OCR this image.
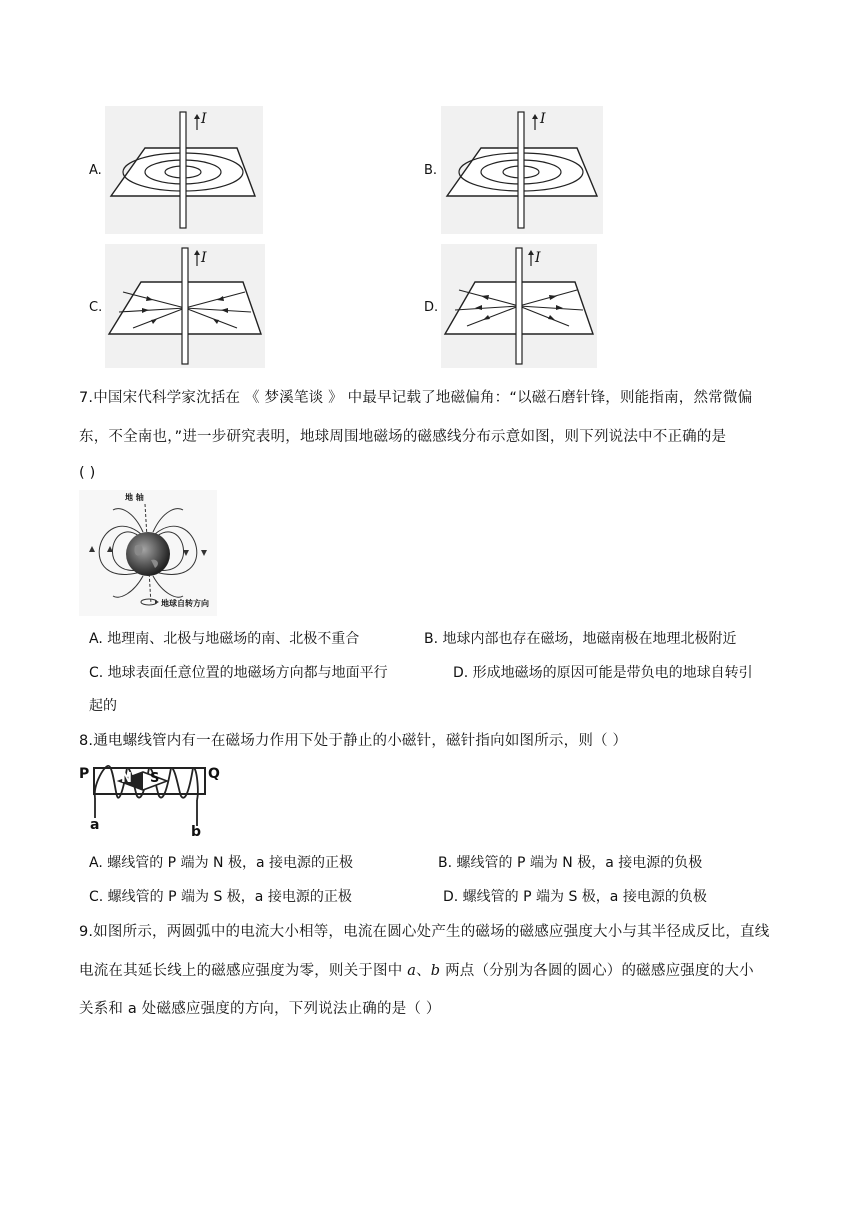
A.
I
B.
I
C.
I
D.
I
7.中国宋代科学家沈括在 《 梦溪笔谈 》 中最早记载了地磁偏角：“以磁石磨针锋，则能指南，然常微偏
东，不全南也，”进一步研究表明，地球周围地磁场的磁感线分布示意如图，则下列说法中不正确的是
( )
地 轴
地球自转方向
A. 地理南、北极与地磁场的南、北极不重合	B. 地球内部也存在磁场，地磁南极在地理北极附近
C. 地球表面任意位置的地磁场方向都与地面平行	D. 形成地磁场的原因可能是带负电的地球自转引
起的
8.通电螺线管内有一在磁场力作用下处于静止的小磁针，磁针指向如图所示，则（ ）
P	Q
N S
a	b
A. 螺线管的 P 端为 N 极，a 接电源的正极	B. 螺线管的 P 端为 N 极，a 接电源的负极
C. 螺线管的 P 端为 S 极，a 接电源的正极	D. 螺线管的 P 端为 S 极，a 接电源的负极
9.如图所示，两圆弧中的电流大小相等，电流在圆心处产生的磁场的磁感应强度大小与其半径成反比，直线
电流在其延长线上的磁感应强度为零，则关于图中 a、b 两点（分别为各圆的圆心）的磁感应强度的大小
关系和 a 处磁感应强度的方向，下列说法止确的是（ ）
